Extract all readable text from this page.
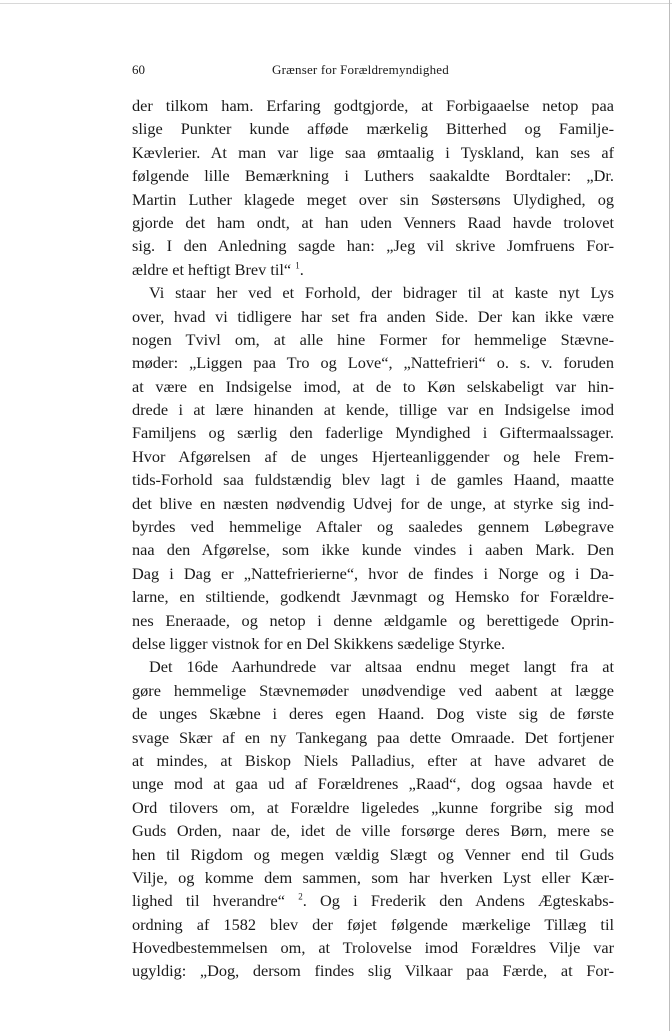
60	Grænser for Forældremyndighed
der tilkom ham. Erfaring godtgjorde, at Forbigaaelse netop paa
slige Punkter kunde afføde mærkelig Bitterhed og Familje-
Kævlerier. At man var lige saa ømtaalig i Tyskland, kan ses af
følgende lille Bemærkning i Luthers saakaldte Bordtaler: „Dr.
Martin Luther klagede meget over sin Søstersøns Ulydighed, og
gjorde det ham ondt, at han uden Venners Raad havde trolovet
sig. I den Anledning sagde han: „Jeg vil skrive Jomfruens For-
ældre et heftigt Brev til“ $^1$.
Vi staar her ved et Forhold, der bidrager til at kaste nyt Lys
over, hvad vi tidligere har set fra anden Side. Der kan ikke være
nogen Tvivl om, at alle hine Former for hemmelige Stævne-
møder: „Liggen paa Tro og Love“, „Nattefrieri“ o. s. v. foruden
at være en Indsigelse imod, at de to Køn selskabeligt var hin-
drede i at lære hinanden at kende, tillige var en Indsigelse imod
Familjens og særlig den faderlige Myndighed i Giftermaalssager.
Hvor Afgørelsen af de unges Hjerteanliggender og hele Frem-
tids-Forhold saa fuldstændig blev lagt i de gamles Haand, maatte
det blive en næsten nødvendig Udvej for de unge, at styrke sig ind-
byrdes ved hemmelige Aftaler og saaledes gennem Løbegrave
naa den Afgørelse, som ikke kunde vindes i aaben Mark. Den
Dag i Dag er „Nattefrierierne“, hvor de findes i Norge og i Da-
larne, en stiltiende, godkendt Jævnmagt og Hemsko for Forældre-
nes Eneraade, og netop i denne ældgamle og berettigede Oprin-
delse ligger vistnok for en Del Skikkens sædelige Styrke.
Det 16de Aarhundrede var altsaa endnu meget langt fra at
gøre hemmelige Stævnemøder unødvendige ved aabent at lægge
de unges Skæbne i deres egen Haand. Dog viste sig de første
svage Skær af en ny Tankegang paa dette Omraade. Det fortjener
at mindes, at Biskop Niels Palladius, efter at have advaret de
unge mod at gaa ud af Forældrenes „Raad“, dog ogsaa havde et
Ord tilovers om, at Forældre ligeledes „kunne forgribe sig mod
Guds Orden, naar de, idet de ville forsørge deres Børn, mere se
hen til Rigdom og megen vældig Slægt og Venner end til Guds
Vilje, og komme dem sammen, som har hverken Lyst eller Kær-
lighed til hverandre“ $^2$. Og i Frederik den Andens Ægteskabs-
ordning af 1582 blev der føjet følgende mærkelige Tillæg til
Hovedbestemmelsen om, at Trolovelse imod Forældres Vilje var
ugyldig: „Dog, dersom findes slig Vilkaar paa Færde, at For-
